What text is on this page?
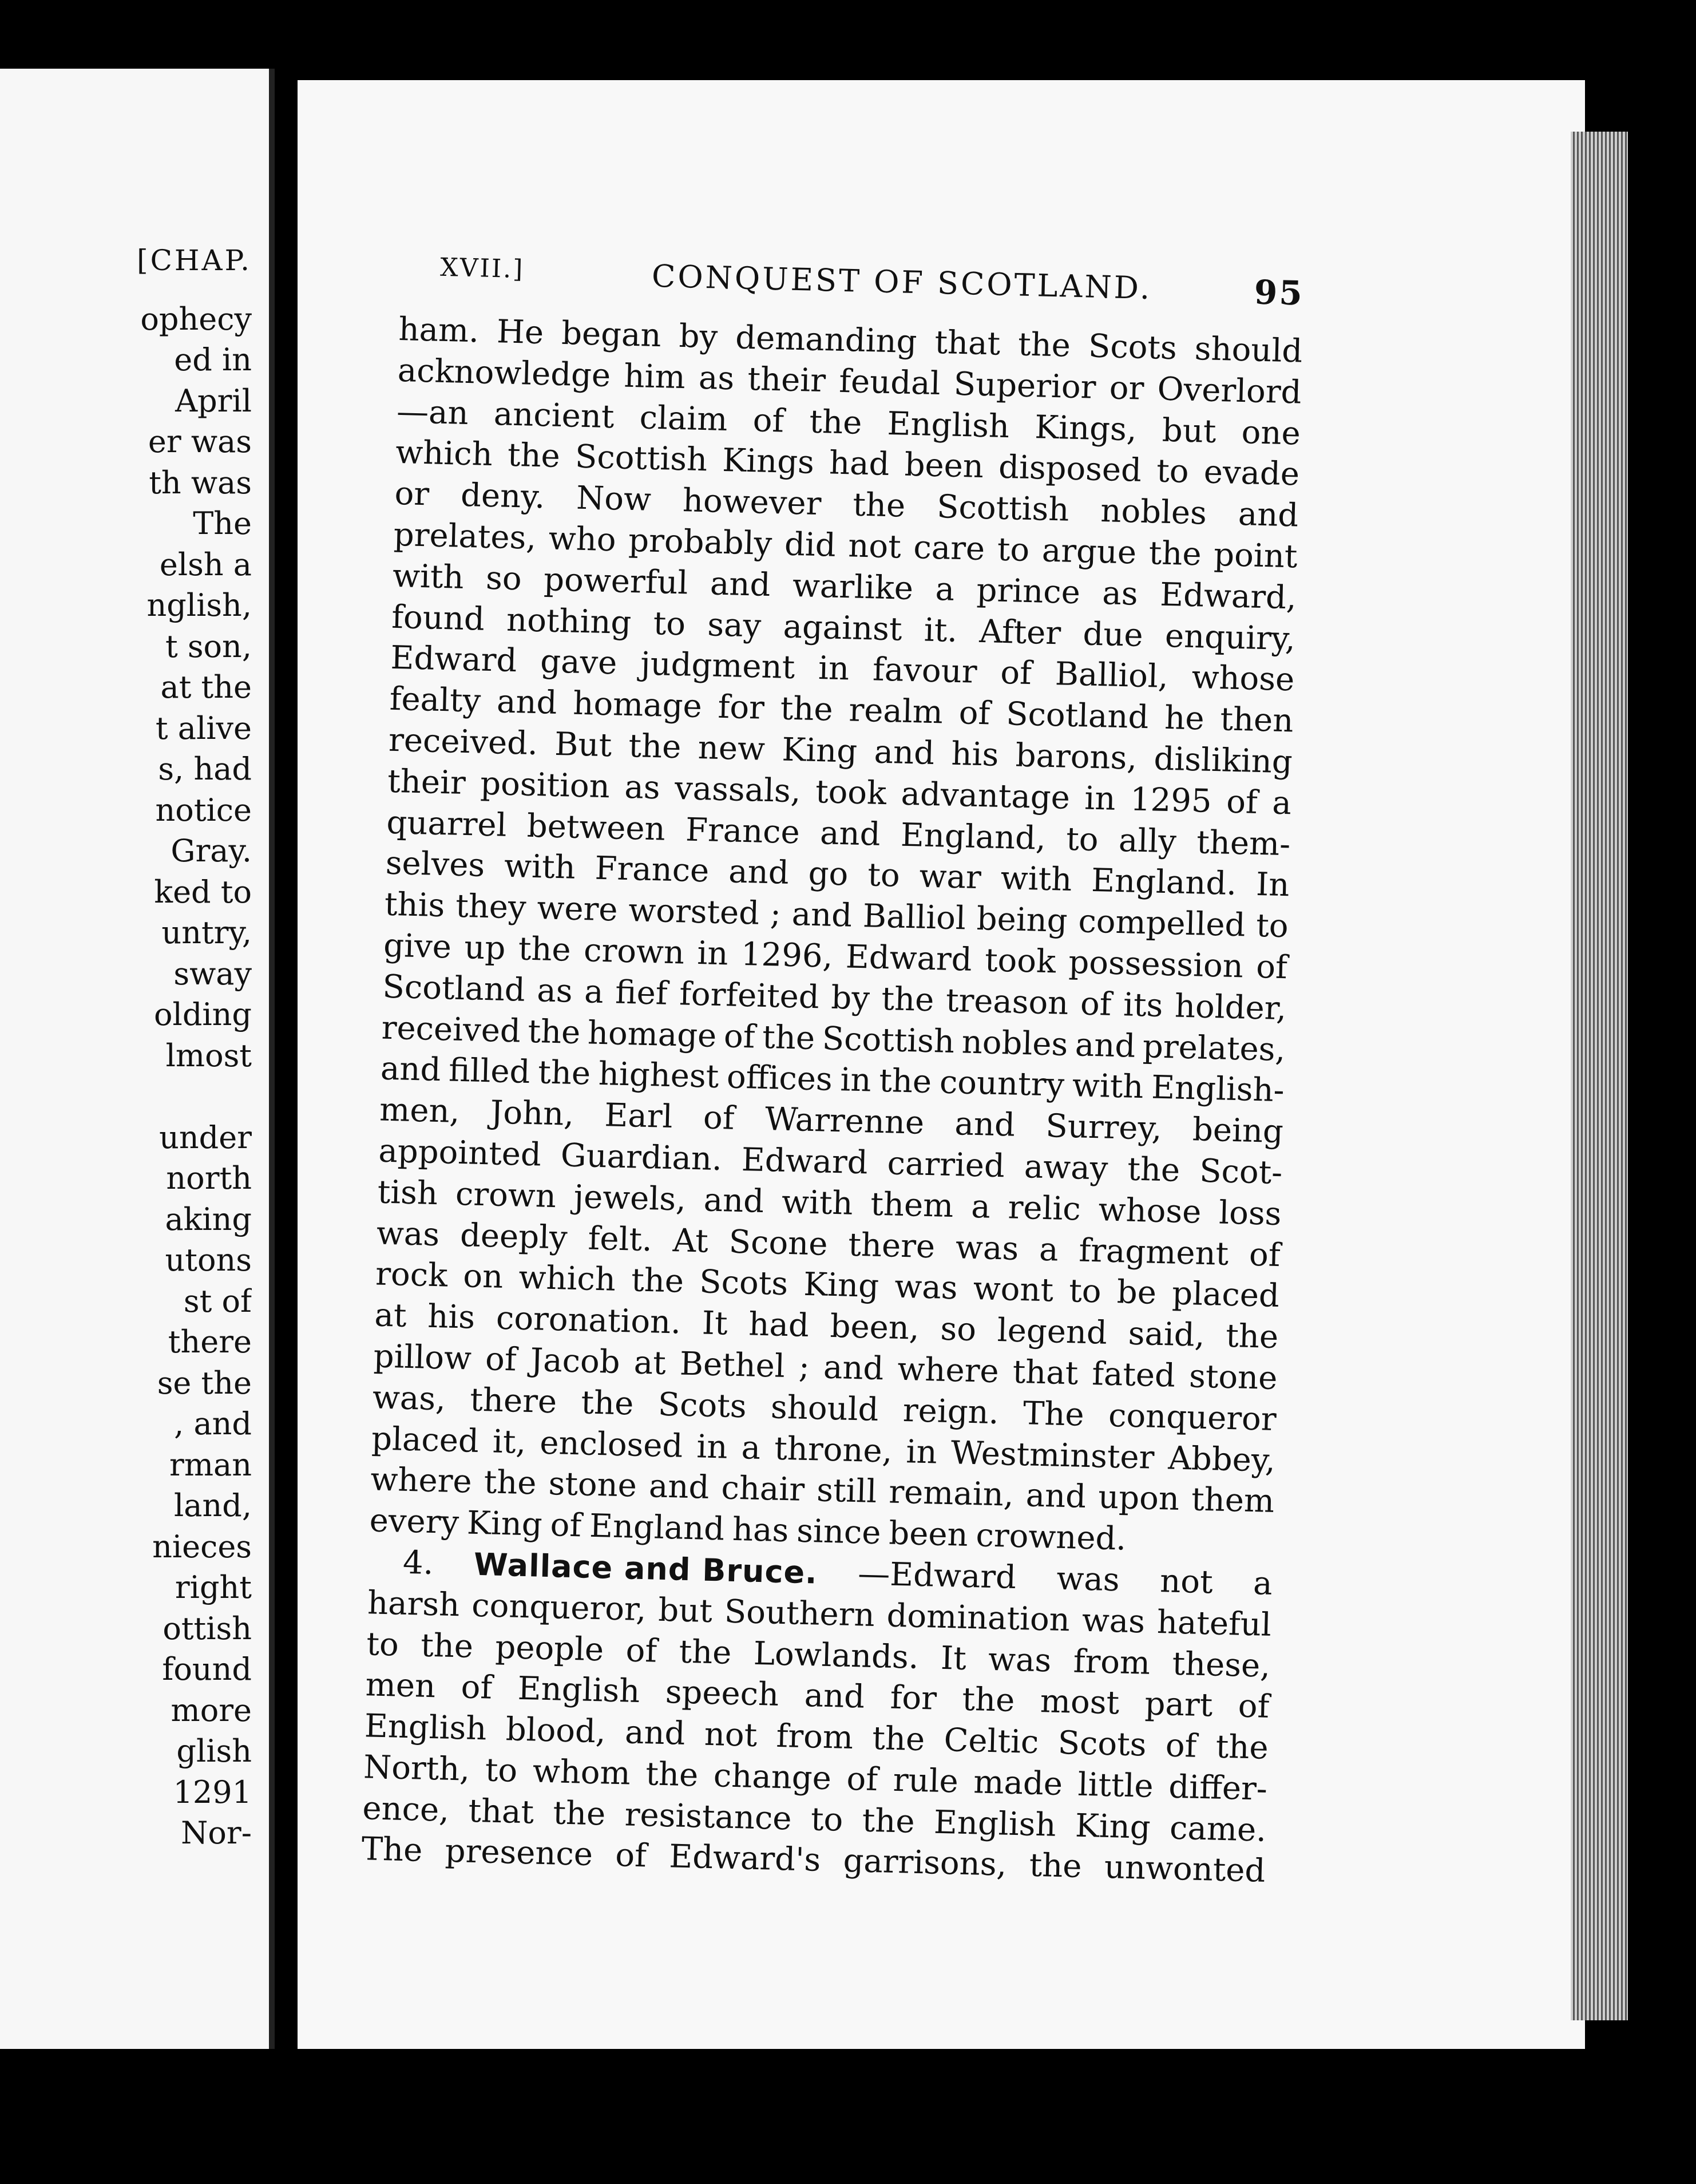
[CHAP.
ophecy
ed in
April
er was
th was
The
elsh a
nglish,
t son,
at the
t alive
s, had
notice
Gray.
ked to
untry,
sway
olding
lmost

under
north
aking
utons
st of
there
se the
, and
rman
land,
nieces
right
ottish
found
more
glish
1291
Nor-
XVII.]	CONQUEST OF SCOTLAND.	95
ham. He began by demanding that the Scots should
acknowledge him as their feudal Superior or Overlord
—an ancient claim of the English Kings, but one
which the Scottish Kings had been disposed to evade
or deny. Now however the Scottish nobles and
prelates, who probably did not care to argue the point
with so powerful and warlike a prince as Edward,
found nothing to say against it. After due enquiry,
Edward gave judgment in favour of Balliol, whose
fealty and homage for the realm of Scotland he then
received. But the new King and his barons, disliking
their position as vassals, took advantage in 1295 of a
quarrel between France and England, to ally them-
selves with France and go to war with England. In
this they were worsted ; and Balliol being compelled to
give up the crown in 1296, Edward took possession of
Scotland as a fief forfeited by the treason of its holder,
received the homage of the Scottish nobles and prelates,
and filled the highest offices in the country with English-
men, John, Earl of Warrenne and Surrey, being
appointed Guardian. Edward carried away the Scot-
tish crown jewels, and with them a relic whose loss
was deeply felt. At Scone there was a fragment of
rock on which the Scots King was wont to be placed
at his coronation. It had been, so legend said, the
pillow of Jacob at Bethel ; and where that fated stone
was, there the Scots should reign. The conqueror
placed it, enclosed in a throne, in Westminster Abbey,
where the stone and chair still remain, and upon them
every King of England has since been crowned.
4. Wallace and Bruce. —Edward was not a
harsh conqueror, but Southern domination was hateful
to the people of the Lowlands. It was from these,
men of English speech and for the most part of
English blood, and not from the Celtic Scots of the
North, to whom the change of rule made little differ-
ence, that the resistance to the English King came.
The presence of Edward's garrisons, the unwonted
